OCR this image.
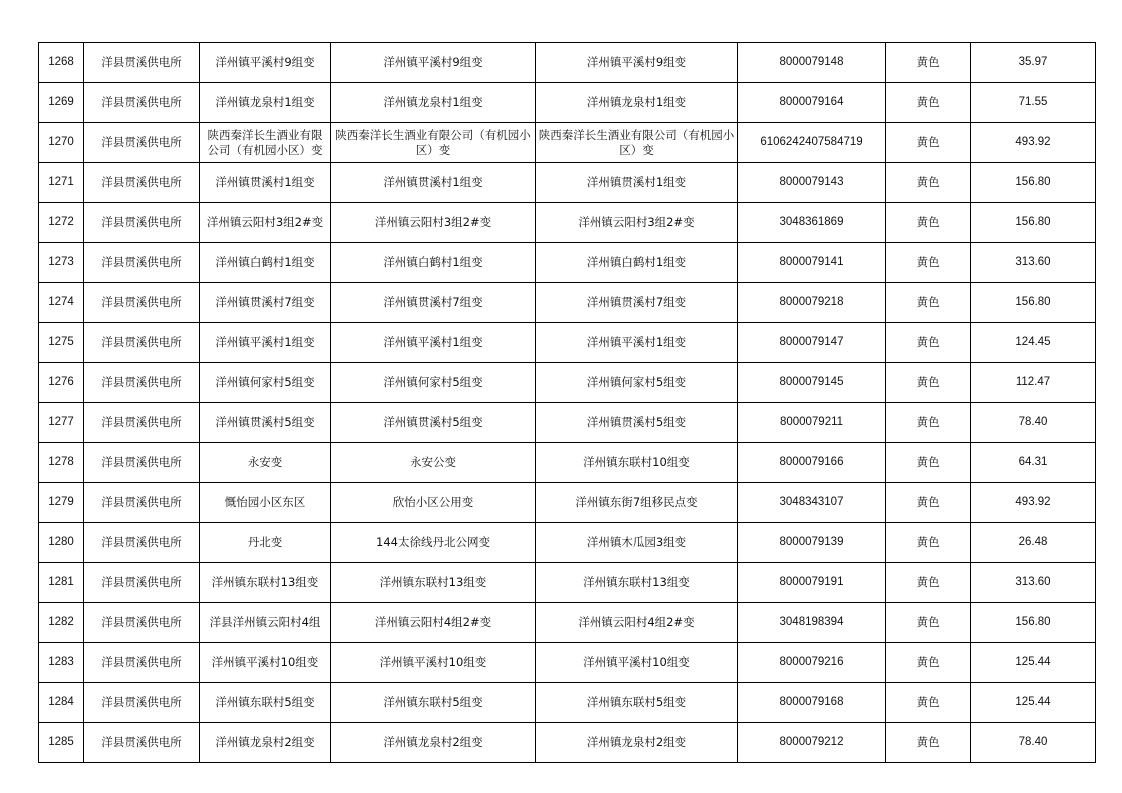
1268	洋县贯溪供电所	洋州镇平溪村9组变	洋州镇平溪村9组变	洋州镇平溪村9组变	8000079148	黄色	35.97
1269	洋县贯溪供电所	洋州镇龙泉村1组变	洋州镇龙泉村1组变	洋州镇龙泉村1组变	8000079164	黄色	71.55
1270	洋县贯溪供电所	陕西秦洋长生酒业有限公司（有机园小区）变	陕西秦洋长生酒业有限公司（有机园小区）变	陕西秦洋长生酒业有限公司（有机园小区）变	6106242407584719	黄色	493.92
1271	洋县贯溪供电所	洋州镇贯溪村1组变	洋州镇贯溪村1组变	洋州镇贯溪村1组变	8000079143	黄色	156.80
1272	洋县贯溪供电所	洋州镇云阳村3组2#变	洋州镇云阳村3组2#变	洋州镇云阳村3组2#变	3048361869	黄色	156.80
1273	洋县贯溪供电所	洋州镇白鹤村1组变	洋州镇白鹤村1组变	洋州镇白鹤村1组变	8000079141	黄色	313.60
1274	洋县贯溪供电所	洋州镇贯溪村7组变	洋州镇贯溪村7组变	洋州镇贯溪村7组变	8000079218	黄色	156.80
1275	洋县贯溪供电所	洋州镇平溪村1组变	洋州镇平溪村1组变	洋州镇平溪村1组变	8000079147	黄色	124.45
1276	洋县贯溪供电所	洋州镇何家村5组变	洋州镇何家村5组变	洋州镇何家村5组变	8000079145	黄色	112.47
1277	洋县贯溪供电所	洋州镇贯溪村5组变	洋州镇贯溪村5组变	洋州镇贯溪村5组变	8000079211	黄色	78.40
1278	洋县贯溪供电所	永安变	永安公变	洋州镇东联村10组变	8000079166	黄色	64.31
1279	洋县贯溪供电所	慨怡园小区东区	欣怡小区公用变	洋州镇东街7组移民点变	3048343107	黄色	493.92
1280	洋县贯溪供电所	丹北变	144太徐线丹北公网变	洋州镇木瓜园3组变	8000079139	黄色	26.48
1281	洋县贯溪供电所	洋州镇东联村13组变	洋州镇东联村13组变	洋州镇东联村13组变	8000079191	黄色	313.60
1282	洋县贯溪供电所	洋县洋州镇云阳村4组	洋州镇云阳村4组2#变	洋州镇云阳村4组2#变	3048198394	黄色	156.80
1283	洋县贯溪供电所	洋州镇平溪村10组变	洋州镇平溪村10组变	洋州镇平溪村10组变	8000079216	黄色	125.44
1284	洋县贯溪供电所	洋州镇东联村5组变	洋州镇东联村5组变	洋州镇东联村5组变	8000079168	黄色	125.44
1285	洋县贯溪供电所	洋州镇龙泉村2组变	洋州镇龙泉村2组变	洋州镇龙泉村2组变	8000079212	黄色	78.40
